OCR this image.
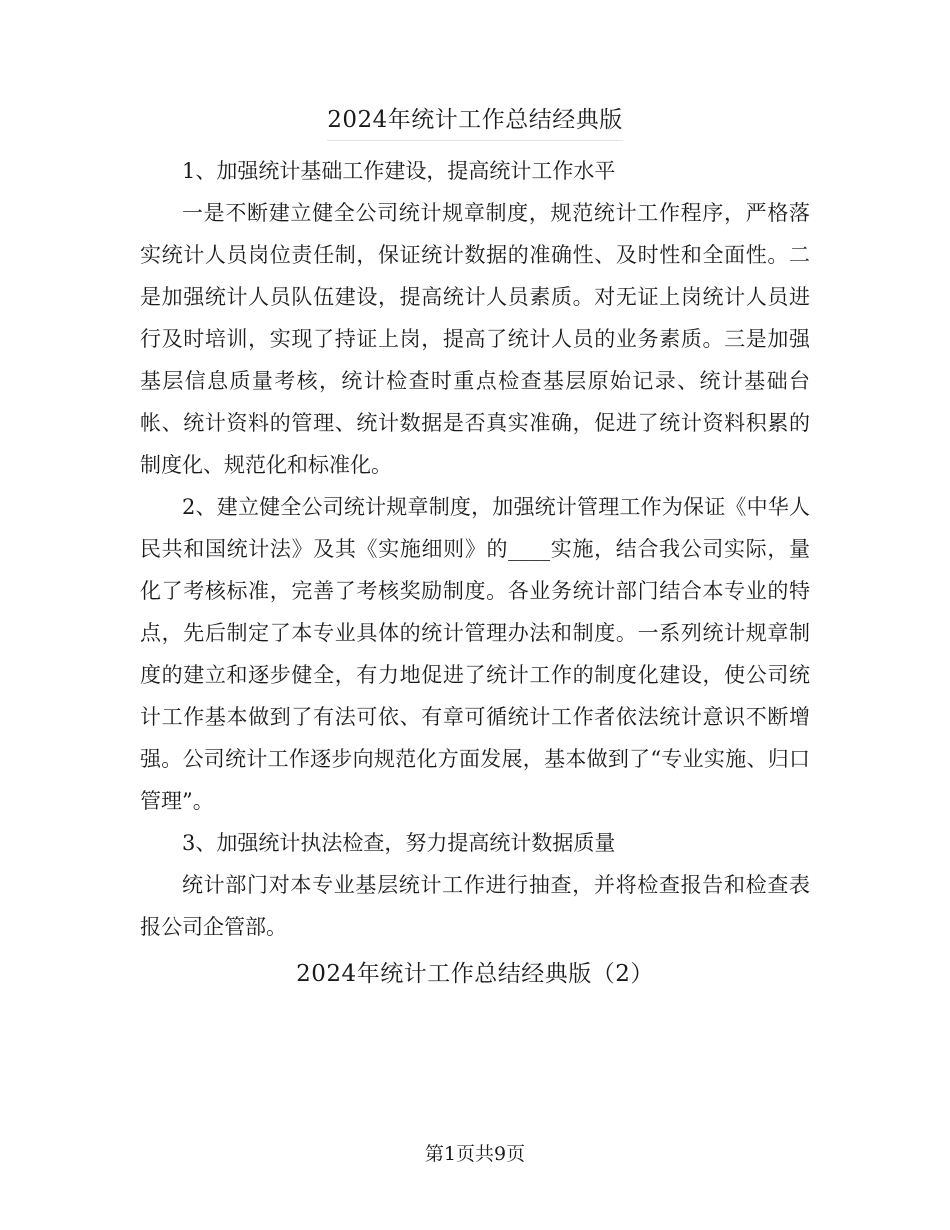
2024年统计工作总结经典版

1、加强统计基础工作建设，提高统计工作水平

一是不断建立健全公司统计规章制度，规范统计工作程序，严格落实统计人员岗位责任制，保证统计数据的准确性、及时性和全面性。二是加强统计人员队伍建设，提高统计人员素质。对无证上岗统计人员进行及时培训，实现了持证上岗，提高了统计人员的业务素质。三是加强基层信息质量考核，统计检查时重点检查基层原始记录、统计基础台帐、统计资料的管理、统计数据是否真实准确，促进了统计资料积累的制度化、规范化和标准化。

2、建立健全公司统计规章制度，加强统计管理工作为保证《中华人民共和国统计法》及其《实施细则》的____实施，结合我公司实际，量化了考核标准，完善了考核奖励制度。各业务统计部门结合本专业的特点，先后制定了本专业具体的统计管理办法和制度。一系列统计规章制度的建立和逐步健全，有力地促进了统计工作的制度化建设，使公司统计工作基本做到了有法可依、有章可循统计工作者依法统计意识不断增强。公司统计工作逐步向规范化方面发展，基本做到了“专业实施、归口管理”。

3、加强统计执法检查，努力提高统计数据质量

统计部门对本专业基层统计工作进行抽查，并将检查报告和检查表报公司企管部。

2024年统计工作总结经典版（2）
第1页共9页
